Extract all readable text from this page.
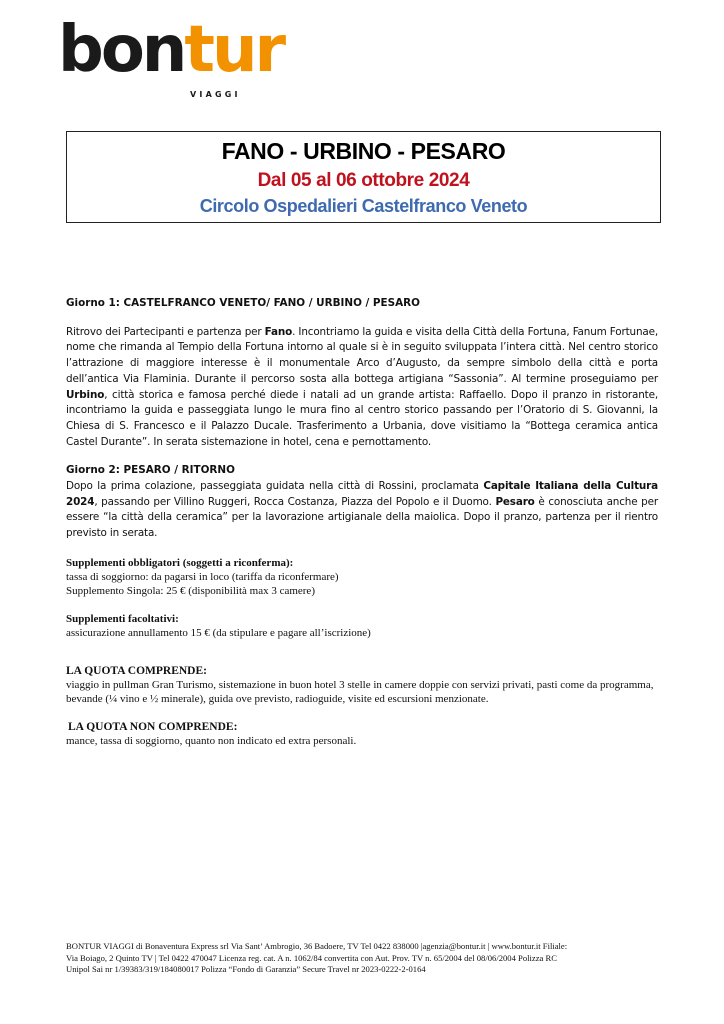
bontur
VIAGGI
FANO - URBINO - PESARO
Dal 05 al 06 ottobre 2024
Circolo Ospedalieri Castelfranco Veneto

Giorno 1: CASTELFRANCO VENETO/ FANO / URBINO / PESARO

Ritrovo dei Partecipanti e partenza per Fano. Incontriamo la guida e visita della Città della Fortuna, Fanum Fortunae, nome che rimanda al Tempio della Fortuna intorno al quale si è in seguito sviluppata l’intera città. Nel centro storico l’attrazione di maggiore interesse è il monumentale Arco d’Augusto, da sempre simbolo della città e porta dell’antica Via Flaminia. Durante il percorso sosta alla bottega artigiana “Sassonia”. Al termine proseguiamo per Urbino, città storica e famosa perché diede i natali ad un grande artista: Raffaello. Dopo il pranzo in ristorante, incontriamo la guida e passeggiata lungo le mura fino al centro storico passando per l’Oratorio di S. Giovanni, la Chiesa di S. Francesco e il Palazzo Ducale. Trasferimento a Urbania, dove visitiamo la “Bottega ceramica antica Castel Durante”. In serata sistemazione in hotel, cena e pernottamento.

Giorno 2: PESARO / RITORNO

Dopo la prima colazione, passeggiata guidata nella città di Rossini, proclamata Capitale Italiana della Cultura 2024, passando per Villino Ruggeri, Rocca Costanza, Piazza del Popolo e il Duomo. Pesaro è conosciuta anche per essere “la città della ceramica” per la lavorazione artigianale della maiolica. Dopo il pranzo, partenza per il rientro previsto in serata.

Supplementi obbligatori (soggetti a riconferma):

tassa di soggiorno: da pagarsi in loco (tariffa da riconfermare)

Supplemento Singola: 25 € (disponibilità max 3 camere)

Supplementi facoltativi:

assicurazione annullamento 15 € (da stipulare e pagare all’iscrizione)

LA QUOTA COMPRENDE:

viaggio in pullman Gran Turismo, sistemazione in buon hotel 3 stelle in camere doppie con servizi privati, pasti come da programma, bevande (¼ vino e ½ minerale), guida ove previsto, radioguide, visite ed escursioni menzionate.

LA QUOTA NON COMPRENDE:

mance, tassa di soggiorno, quanto non indicato ed extra personali.

BONTUR VIAGGI di Bonaventura Express srl Via Sant’ Ambrogio, 36 Badoere, TV Tel 0422 838000 |agenzia@bontur.it | www.bontur.it Filiale:

Via Boiago, 2 Quinto TV | Tel 0422 470047 Licenza reg. cat. A n. 1062/84 convertita con Aut. Prov. TV n. 65/2004 del 08/06/2004 Polizza RC

Unipol Sai nr 1/39383/319/184080017 Polizza “Fondo di Garanzia” Secure Travel nr 2023-0222-2-0164
